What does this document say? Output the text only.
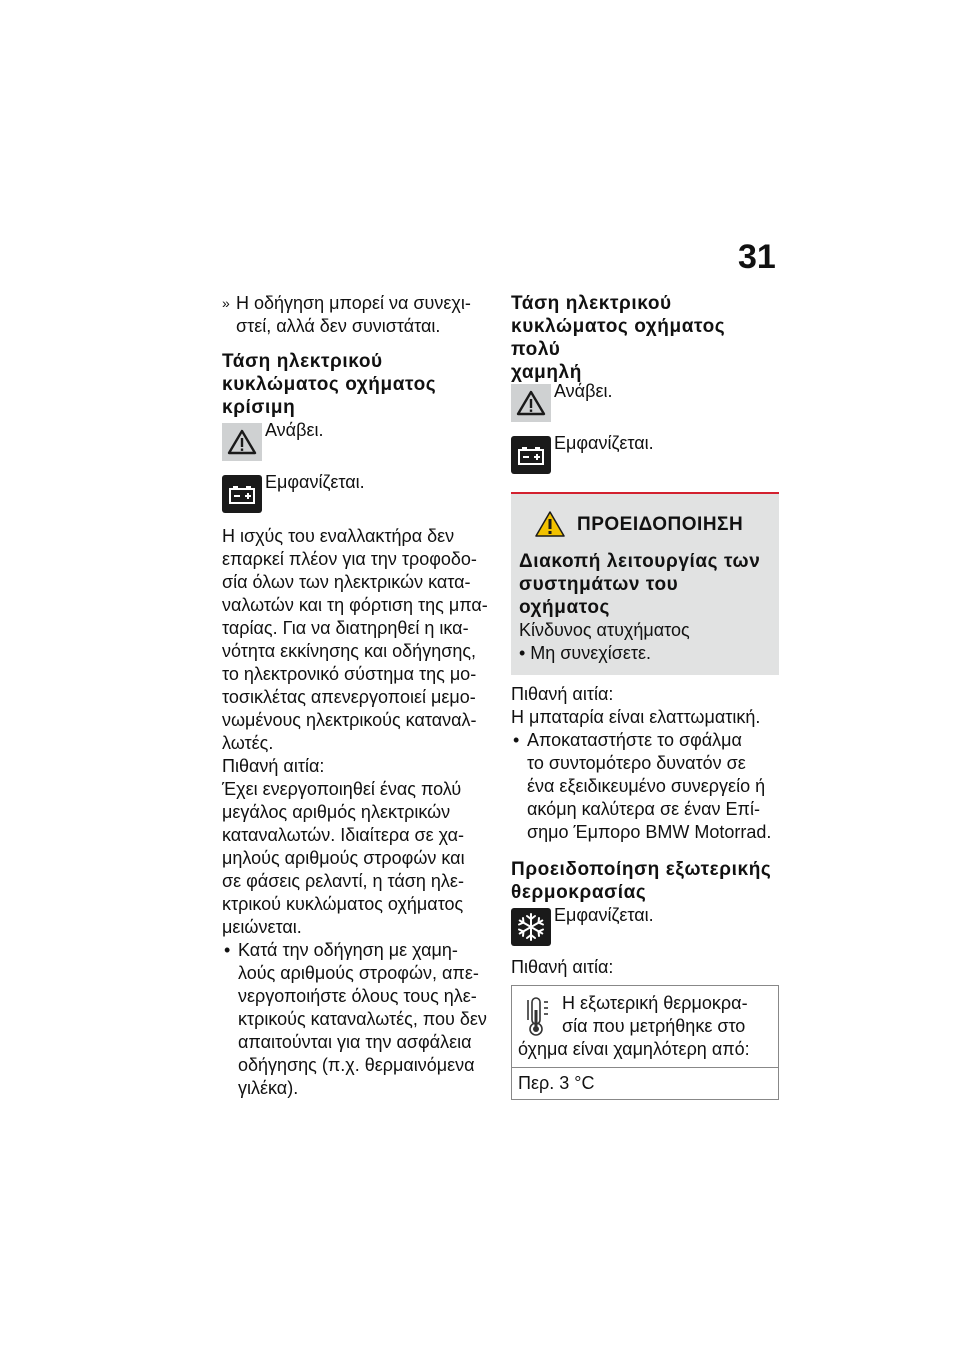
31
» Η οδήγηση μπορεί να συνεχι-
στεί, αλλά δεν συνιστάται.
Τάση ηλεκτρικού
κυκλώματος οχήματος
κρίσιμη
Ανάβει.
Εμφανίζεται.
Η ισχύς του εναλλακτήρα δεν
επαρκεί πλέον για την τροφοδο-
σία όλων των ηλεκτρικών κατα-
ναλωτών και τη φόρτιση της μπα-
ταρίας. Για να διατηρηθεί η ικα-
νότητα εκκίνησης και οδήγησης,
το ηλεκτρονικό σύστημα της μο-
τοσικλέτας απενεργοποιεί μεμο-
νωμένους ηλεκτρικούς καταναλ-
λωτές.
Πιθανή αιτία:
Έχει ενεργοποιηθεί ένας πολύ
μεγάλος αριθμός ηλεκτρικών
καταναλωτών. Ιδιαίτερα σε χα-
μηλούς αριθμούς στροφών και
σε φάσεις ρελαντί, η τάση ηλε-
κτρικού κυκλώματος οχήματος
μειώνεται.
• Κατά την οδήγηση με χαμη-
λούς αριθμούς στροφών, απε-
νεργοποιήστε όλους τους ηλε-
κτρικούς καταναλωτές, που δεν
απαιτούνται για την ασφάλεια
οδήγησης (π.χ. θερμαινόμενα
γιλέκα).
Τάση ηλεκτρικού
κυκλώματος οχήματος πολύ
χαμηλή
Ανάβει.
Εμφανίζεται.
ΠΡΟΕΙΔΟΠΟΙΗΣΗ
Διακοπή λειτουργίας των
συστημάτων του οχήματος
Κίνδυνος ατυχήματος
• Μη συνεχίσετε.
Πιθανή αιτία:
Η μπαταρία είναι ελαττωματική.
• Αποκαταστήστε το σφάλμα
το συντομότερο δυνατόν σε
ένα εξειδικευμένο συνεργείο ή
ακόμη καλύτερα σε έναν Επί-
σημο Έμπορο BMW Motorrad.
Προειδοποίηση εξωτερικής
θερμοκρασίας
Εμφανίζεται.
Πιθανή αιτία:
Η εξωτερική θερμοκρα-
σία που μετρήθηκε στο
όχημα είναι χαμηλότερη από:
Περ. 3 °C
